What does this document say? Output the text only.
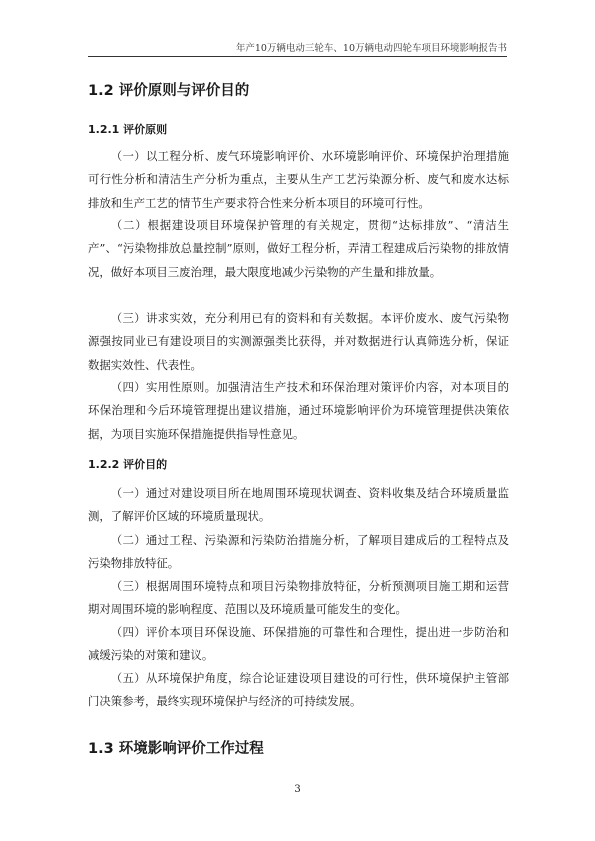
年产10万辆电动三轮车、10万辆电动四轮车项目环境影响报告书
1.2 评价原则与评价目的
1.2.1 评价原则

（一）以工程分析、废气环境影响评价、水环境影响评价、环境保护治理措施可行性分析和清洁生产分析为重点，主要从生产工艺污染源分析、废气和废水达标排放和生产工艺的情节生产要求符合性来分析本项目的环境可行性。

（二）根据建设项目环境保护管理的有关规定，贯彻“达标排放”、“清洁生产”、“污染物排放总量控制”原则，做好工程分析，弄清工程建成后污染物的排放情况，做好本项目三废治理，最大限度地减少污染物的产生量和排放量。

（三）讲求实效，充分利用已有的资料和有关数据。本评价废水、废气污染物源强按同业已有建设项目的实测源强类比获得，并对数据进行认真筛选分析，保证数据实效性、代表性。

（四）实用性原则。加强清洁生产技术和环保治理对策评价内容，对本项目的环保治理和今后环境管理提出建议措施，通过环境影响评价为环境管理提供决策依据，为项目实施环保措施提供指导性意见。

1.2.2 评价目的

（一）通过对建设项目所在地周围环境现状调查、资料收集及结合环境质量监测，了解评价区域的环境质量现状。

（二）通过工程、污染源和污染防治措施分析，了解项目建成后的工程特点及污染物排放特征。

（三）根据周围环境特点和项目污染物排放特征，分析预测项目施工期和运营期对周围环境的影响程度、范围以及环境质量可能发生的变化。

（四）评价本项目环保设施、环保措施的可靠性和合理性，提出进一步防治和减缓污染的对策和建议。

（五）从环境保护角度，综合论证建设项目建设的可行性，供环境保护主管部门决策参考，最终实现环境保护与经济的可持续发展。

1.3 环境影响评价工作过程
3
